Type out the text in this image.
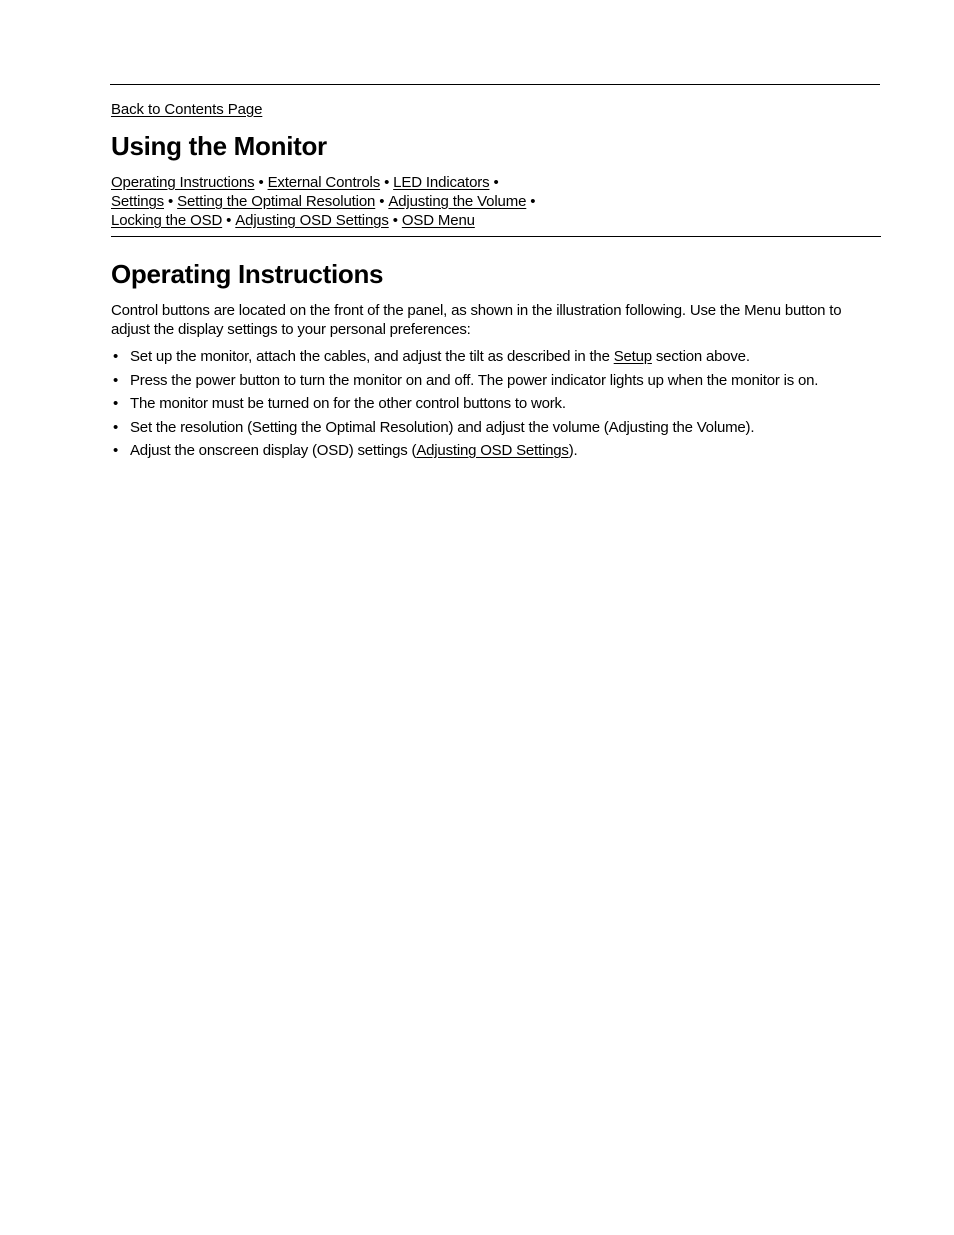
Back to Contents Page
Using the Monitor
Operating Instructions • External Controls • LED Indicators •
Settings • Setting the Optimal Resolution • Adjusting the Volume •
Locking the OSD • Adjusting OSD Settings • OSD Menu
Operating Instructions

Control buttons are located on the front of the panel, as shown in the illustration following. Use the Menu button to adjust the display settings to your personal preferences:

• Set up the monitor, attach the cables, and adjust the tilt as described in the Setup section above.
• Press the power button to turn the monitor on and off. The power indicator lights up when the monitor is on.
• The monitor must be turned on for the other control buttons to work.
• Set the resolution (Setting the Optimal Resolution) and adjust the volume (Adjusting the Volume).
• Adjust the onscreen display (OSD) settings (Adjusting OSD Settings).
